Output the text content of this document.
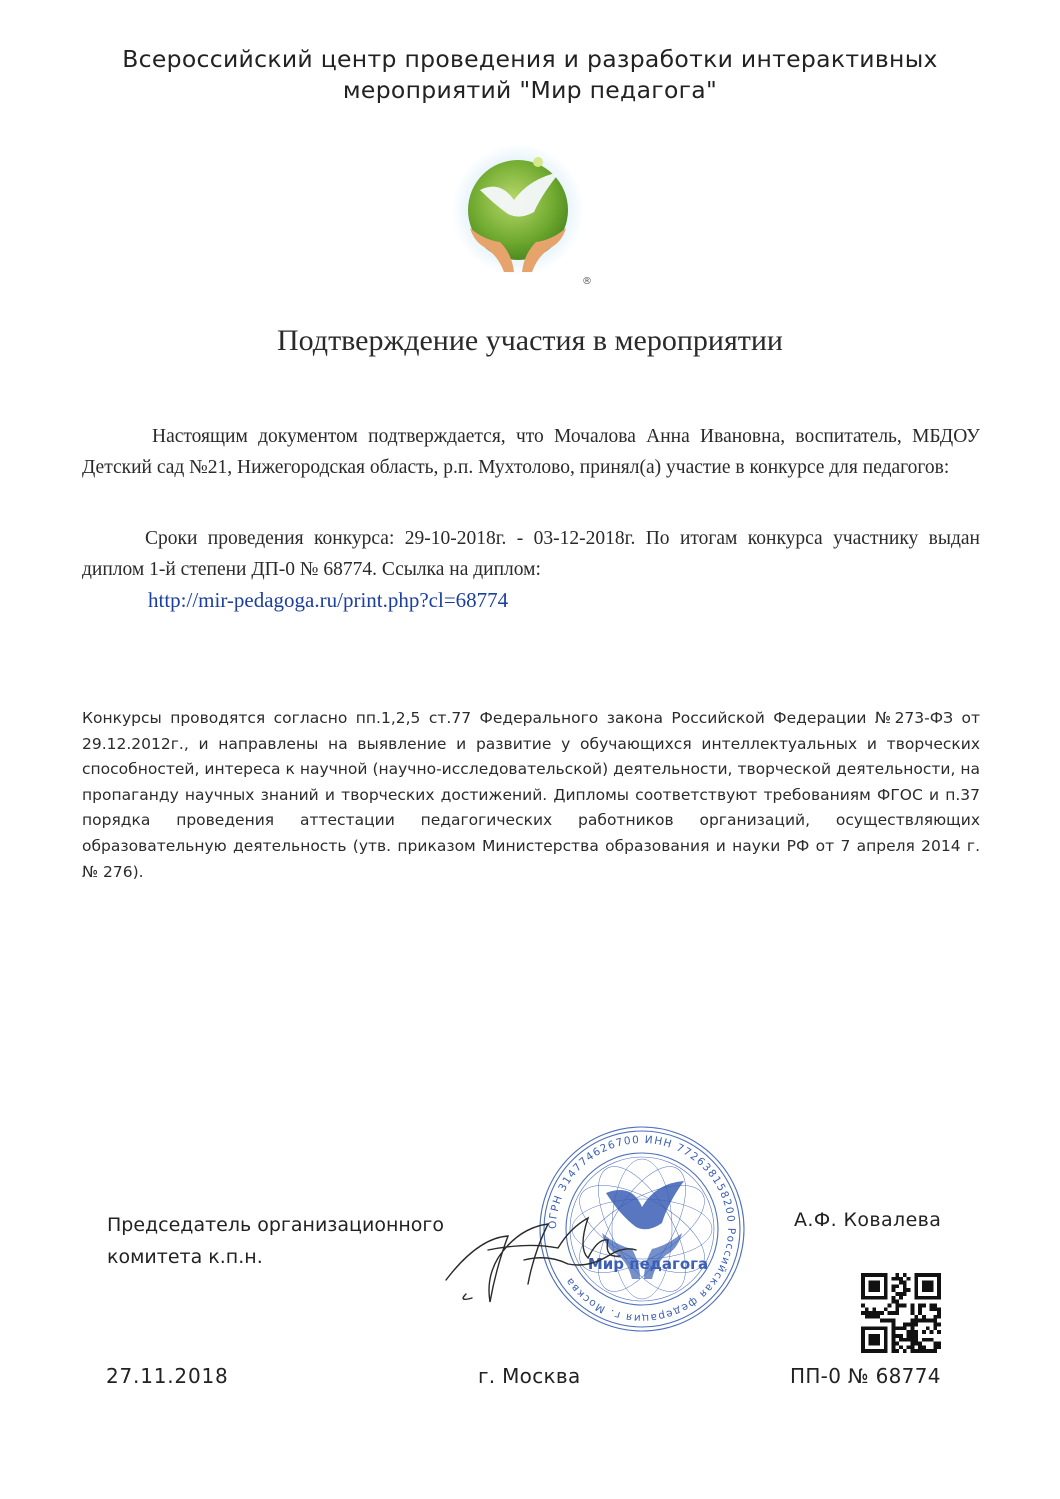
Всероссийский центр проведения и разработки интерактивных
мероприятий "Мир педагога"
®
Подтверждение участия в мероприятии
Настоящим документом подтверждается, что Мочалова Анна Ивановна, воспитатель, МБДОУ Детский сад №21, Нижегородская область, р.п. Мухтолово, принял(а) участие в конкурсе для педагогов:
Сроки проведения конкурса: 29-10-2018г. - 03-12-2018г. По итогам конкурса участнику выдан диплом 1-й степени ДП-0 № 68774. Ссылка на диплом:
http://mir-pedagoga.ru/print.php?cl=68774
Конкурсы проводятся согласно пп.1,2,5 ст.77 Федерального закона Российской Федерации №273-ФЗ от 29.12.2012г., и направлены на выявление и развитие у обучающихся интеллектуальных и творческих способностей, интереса к научной (научно-исследовательской) деятельности, творческой деятельности, на пропаганду научных знаний и творческих достижений. Дипломы соответствуют требованиям ФГОС и п.37 порядка проведения аттестации педагогических работников организаций, осуществляющих образовательную деятельность (утв. приказом Министерства образования и науки РФ от 7 апреля 2014 г. № 276).
Председатель организационного
комитета к.п.н.
ОГРН 314774626700 ИНН 772638158200 Российская федерация г. Москва
Мир педагога
А.Ф. Ковалева
27.11.2018	г. Москва	ПП-0 № 68774
